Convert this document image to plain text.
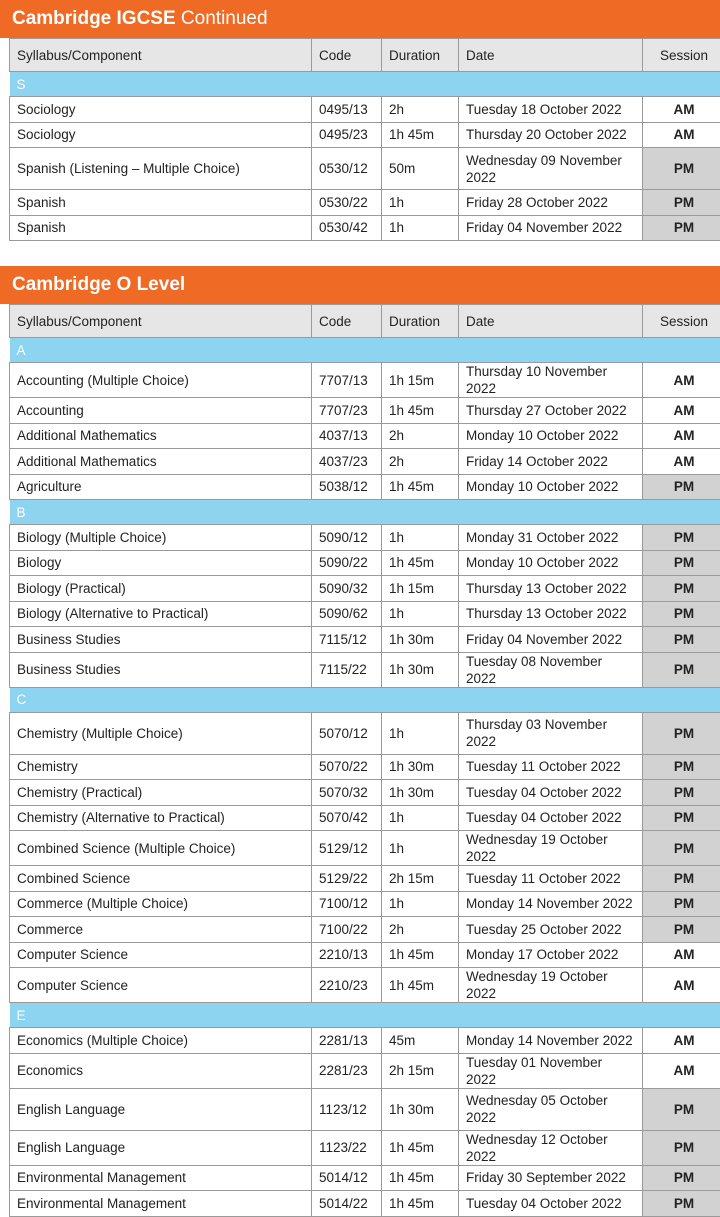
Cambridge IGCSE Continued
Syllabus/Component	Code	Duration	Date	Session
S				
Sociology	0495/13	2h	Tuesday 18 October 2022	AM
Sociology	0495/23	1h 45m	Thursday 20 October 2022	AM
Spanish (Listening – Multiple Choice)	0530/12	50m	Wednesday 09 November 2022	PM
Spanish	0530/22	1h	Friday 28 October 2022	PM
Spanish	0530/42	1h	Friday 04 November 2022	PM
Cambridge O Level
Syllabus/Component	Code	Duration	Date	Session
A				
Accounting (Multiple Choice)	7707/13	1h 15m	Thursday 10 November 2022	AM
Accounting	7707/23	1h 45m	Thursday 27 October 2022	AM
Additional Mathematics	4037/13	2h	Monday 10 October 2022	AM
Additional Mathematics	4037/23	2h	Friday 14 October 2022	AM
Agriculture	5038/12	1h 45m	Monday 10 October 2022	PM
B				
Biology (Multiple Choice)	5090/12	1h	Monday 31 October 2022	PM
Biology	5090/22	1h 45m	Monday 10 October 2022	PM
Biology (Practical)	5090/32	1h 15m	Thursday 13 October 2022	PM
Biology (Alternative to Practical)	5090/62	1h	Thursday 13 October 2022	PM
Business Studies	7115/12	1h 30m	Friday 04 November 2022	PM
Business Studies	7115/22	1h 30m	Tuesday 08 November 2022	PM
C				
Chemistry (Multiple Choice)	5070/12	1h	Thursday 03 November 2022	PM
Chemistry	5070/22	1h 30m	Tuesday 11 October 2022	PM
Chemistry (Practical)	5070/32	1h 30m	Tuesday 04 October 2022	PM
Chemistry (Alternative to Practical)	5070/42	1h	Tuesday 04 October 2022	PM
Combined Science (Multiple Choice)	5129/12	1h	Wednesday 19 October 2022	PM
Combined Science	5129/22	2h 15m	Tuesday 11 October 2022	PM
Commerce (Multiple Choice)	7100/12	1h	Monday 14 November 2022	PM
Commerce	7100/22	2h	Tuesday 25 October 2022	PM
Computer Science	2210/13	1h 45m	Monday 17 October 2022	AM
Computer Science	2210/23	1h 45m	Wednesday 19 October 2022	AM
E				
Economics (Multiple Choice)	2281/13	45m	Monday 14 November 2022	AM
Economics	2281/23	2h 15m	Tuesday 01 November 2022	AM
English Language	1123/12	1h 30m	Wednesday 05 October 2022	PM
English Language	1123/22	1h 45m	Wednesday 12 October 2022	PM
Environmental Management	5014/12	1h 45m	Friday 30 September 2022	PM
Environmental Management	5014/22	1h 45m	Tuesday 04 October 2022	PM
